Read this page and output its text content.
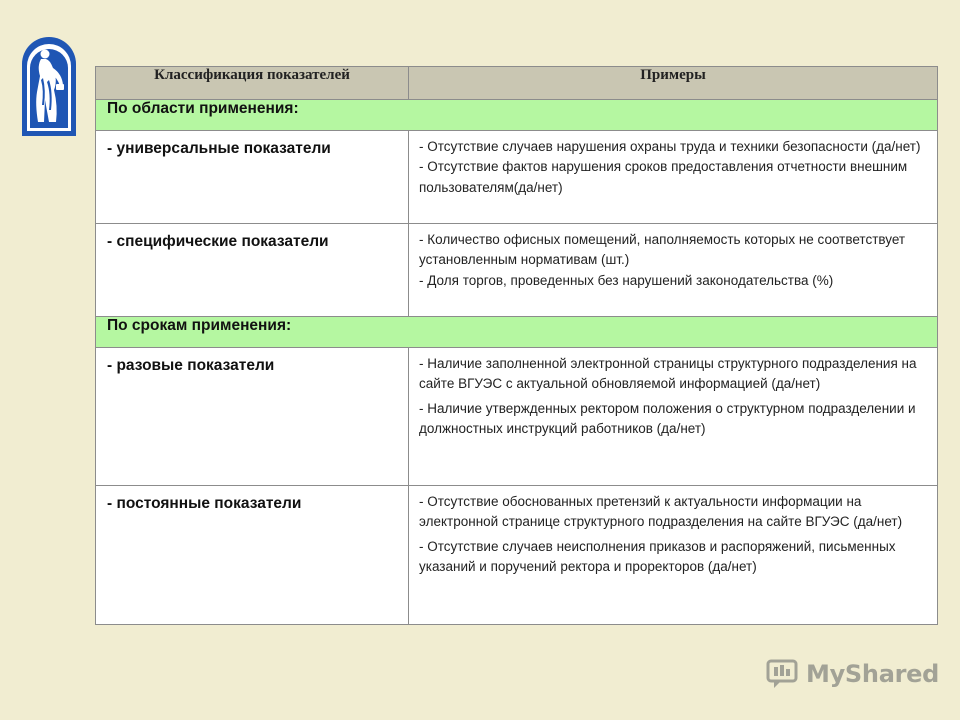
Классификация показателей	Примеры
По области применения:	
- универсальные показатели	- Отсутствие случаев нарушения охраны труда и техники безопасности (да/нет)

- Отсутствие фактов нарушения сроков предоставления отчетности внешним пользователям(да/нет)

- специфические показатели	- Количество офисных помещений, наполняемость которых не соответствует установленным нормативам (шт.)

- Доля торгов, проведенных без нарушений законодательства (%)

По срокам применения:	
- разовые показатели	- Наличие заполненной электронной страницы структурного подразделения на сайте ВГУЭС с актуальной обновляемой информацией (да/нет)

- Наличие утвержденных ректором положения о структурном подразделении и должностных инструкций работников (да/нет)

- постоянные показатели	- Отсутствие обоснованных претензий к актуальности информации на электронной странице структурного подразделения на сайте ВГУЭС (да/нет)

- Отсутствие случаев неисполнения приказов и распоряжений, письменных указаний и поручений ректора и проректоров (да/нет)

MyShared
